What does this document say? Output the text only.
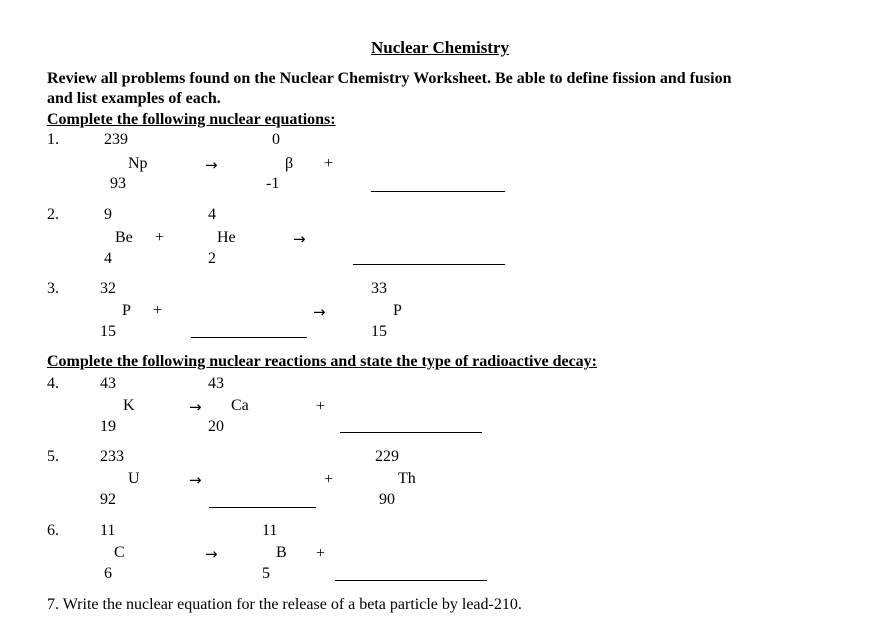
Nuclear Chemistry
Review all problems found on the Nuclear Chemistry Worksheet. Be able to define fission and fusion
and list examples of each.
Complete the following nuclear equations:
1.	239
Np
93
→
0
β
-1
+
2.	9
Be
4
+
4
He
2
→
3.	32
P
15
+	→
33
P
15
Complete the following nuclear reactions and state the type of radioactive decay:
4.	43
K
19
→
43
Ca
20
+
5.	233
U
92
→	+
229
Th
90
6.	11
C
6
→
11
B
5
+
7. Write the nuclear equation for the release of a beta particle by lead-210.
